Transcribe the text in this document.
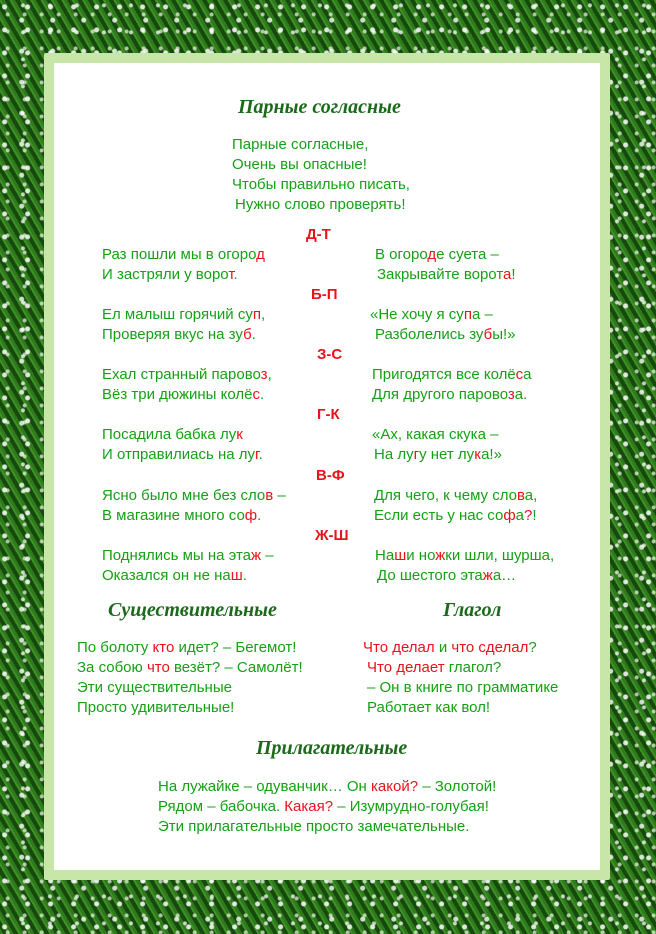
Парные согласные
Парные согласные,
Очень вы опасные!
Чтобы правильно писать,
Нужно слово проверять!
Д-Т
Раз пошли мы в огород
И застряли у ворот.
В огороде суета –
Закрывайте ворота!
Б-П
Ел малыш горячий суп,
Проверяя вкус на зуб.
«Не хочу я супа –
Разболелись зубы!»
З-С
Ехал странный паровоз,
Вёз три дюжины колёс.
Пригодятся все колёса
Для другого паровоза.
Г-К
Посадила бабка лук
И отправилиась на луг.
«Ах, какая скука –
На лугу нет лука!»
В-Ф
Ясно было мне без слов –
В магазине много соф.
Для чего, к чему слова,
Если есть у нас софа?!
Ж-Ш
Поднялись мы на этаж –
Оказался он не наш.
Наши ножки шли, шурша,
До шестого этажа…
Существительные	Глагол
По болоту кто идет? – Бегемот!
За собою что везёт? – Самолёт!
Эти существительные
Просто удивительные!
Что делал и что сделал?
Что делает глагол?
– Он в книге по грамматике
Работает как вол!
Прилагательные
На лужайке – одуванчик… Он какой? – Золотой!
Рядом – бабочка. Какая? – Изумрудно-голубая!
Эти прилагательные просто замечательные.
